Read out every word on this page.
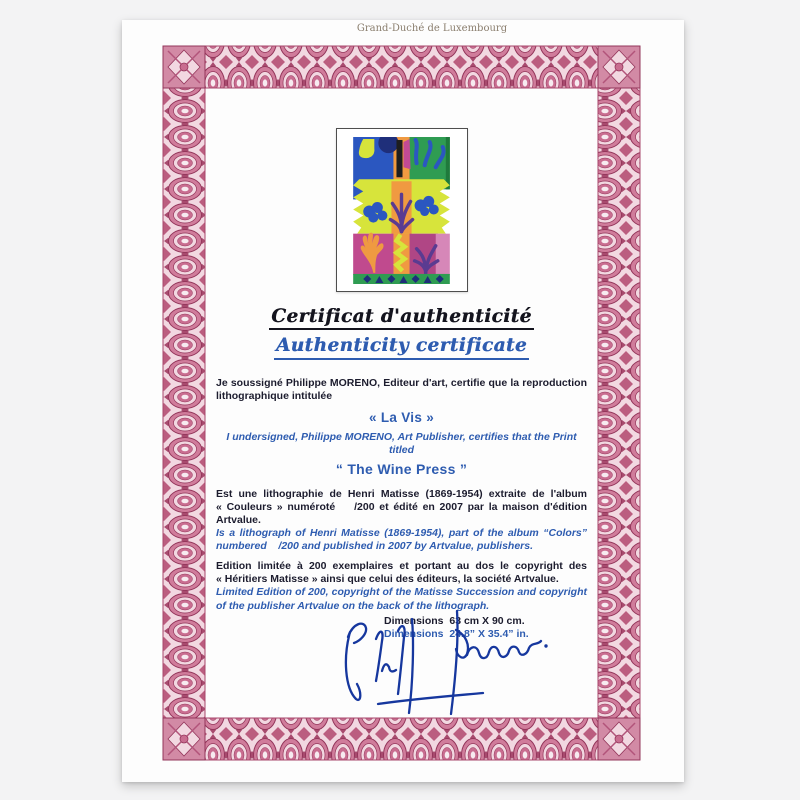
Grand-Duché de Luxembourg
Certificat d'authenticité
Authenticity certificate

Je soussigné Philippe MORENO, Editeur d'art, certifie que la reproduction lithographique intitulée

« La Vis »

I undersigned, Philippe MORENO, Art Publisher, certifies that the Print titled

“ The Wine Press ”

Est une lithographie de Henri Matisse (1869-1954) extraite de l'album « Couleurs » numéroté    /200 et édité en 2007 par la maison d'édition Artvalue.

Is a lithograph of Henri Matisse (1869-1954), part of the album “Colors” numbered    /200 and published in 2007 by Artvalue, publishers.

Edition limitée à 200 exemplaires et portant au dos le copyright des « Héritiers Matisse » ainsi que celui des éditeurs, la société Artvalue.

Limited Edition of 200, copyright of the Matisse Succession and copyright of the publisher Artvalue on the back of the lithograph.

Dimensions  63 cm X 90 cm.

Dimensions  24.8” X 35.4” in.
